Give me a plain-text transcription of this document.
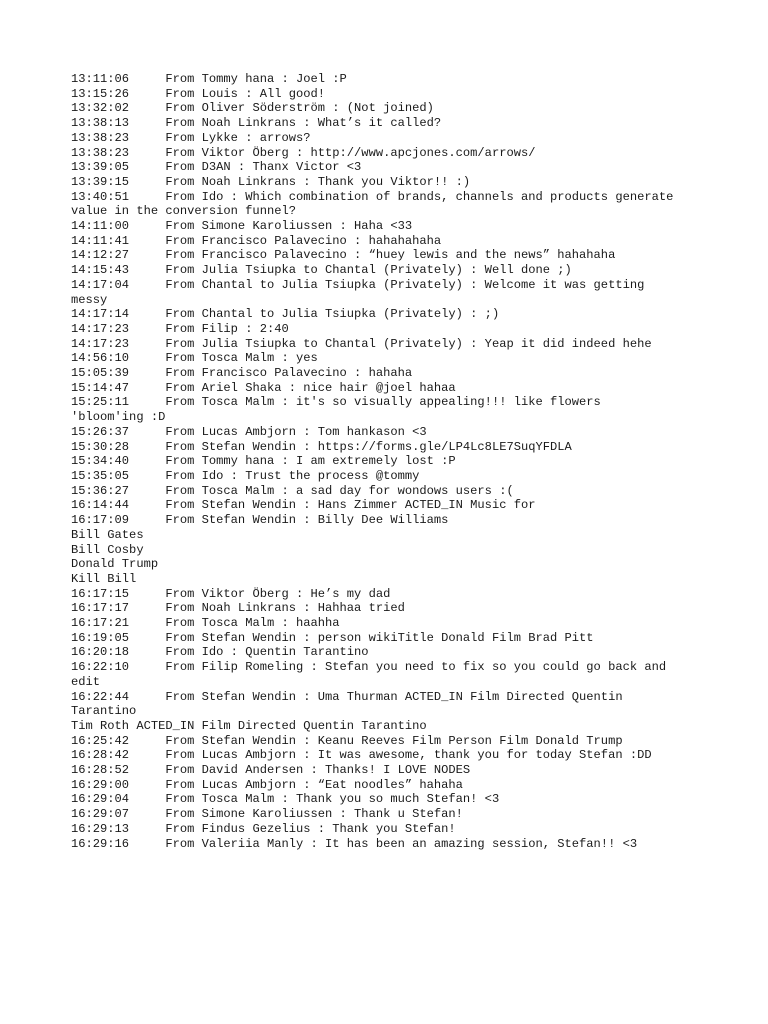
13:11:06	From Tommy hana : Joel :P
13:15:26	From Louis : All good!
13:32:02	From Oliver Söderström : (Not joined)
13:38:13	From Noah Linkrans : What’s it called?
13:38:23	From Lykke : arrows?
13:38:23	From Viktor Öberg : http://www.apcjones.com/arrows/
13:39:05	From D3AN : Thanx Victor <3
13:39:15	From Noah Linkrans : Thank you Viktor!! :)
13:40:51	From Ido : Which combination of brands, channels and products generate
value in the conversion funnel?
14:11:00	From Simone Karoliussen : Haha <33
14:11:41	From Francisco Palavecino : hahahahaha
14:12:27	From Francisco Palavecino : “huey lewis and the news” hahahaha
14:15:43	From Julia Tsiupka to Chantal (Privately) : Well done ;)
14:17:04	From Chantal to Julia Tsiupka (Privately) : Welcome it was getting
messy
14:17:14	From Chantal to Julia Tsiupka (Privately) : ;)
14:17:23	From Filip : 2:40
14:17:23	From Julia Tsiupka to Chantal (Privately) : Yeap it did indeed hehe
14:56:10	From Tosca Malm : yes
15:05:39	From Francisco Palavecino : hahaha
15:14:47	From Ariel Shaka : nice hair @joel hahaa
15:25:11	From Tosca Malm : it's so visually appealing!!! like flowers
'bloom'ing :D
15:26:37	From Lucas Ambjorn : Tom hankason <3
15:30:28	From Stefan Wendin : https://forms.gle/LP4Lc8LE7SuqYFDLA
15:34:40	From Tommy hana : I am extremely lost :P
15:35:05	From Ido : Trust the process @tommy
15:36:27	From Tosca Malm : a sad day for wondows users :(
16:14:44	From Stefan Wendin : Hans Zimmer ACTED_IN Music for
16:17:09	From Stefan Wendin : Billy Dee Williams
Bill Gates
Bill Cosby
Donald Trump
Kill Bill
16:17:15	From Viktor Öberg : He’s my dad
16:17:17	From Noah Linkrans : Hahhaa tried
16:17:21	From Tosca Malm : haahha
16:19:05	From Stefan Wendin : person wikiTitle Donald Film Brad Pitt
16:20:18	From Ido : Quentin Tarantino
16:22:10	From Filip Romeling : Stefan you need to fix so you could go back and
edit
16:22:44	From Stefan Wendin : Uma Thurman ACTED_IN Film Directed Quentin
Tarantino
Tim Roth ACTED_IN Film Directed Quentin Tarantino
16:25:42	From Stefan Wendin : Keanu Reeves Film Person Film Donald Trump
16:28:42	From Lucas Ambjorn : It was awesome, thank you for today Stefan :DD
16:28:52	From David Andersen : Thanks! I LOVE NODES
16:29:00	From Lucas Ambjorn : “Eat noodles” hahaha
16:29:04	From Tosca Malm : Thank you so much Stefan! <3
16:29:07	From Simone Karoliussen : Thank u Stefan!
16:29:13	From Findus Gezelius : Thank you Stefan!
16:29:16	From Valeriia Manly : It has been an amazing session, Stefan!! <3
